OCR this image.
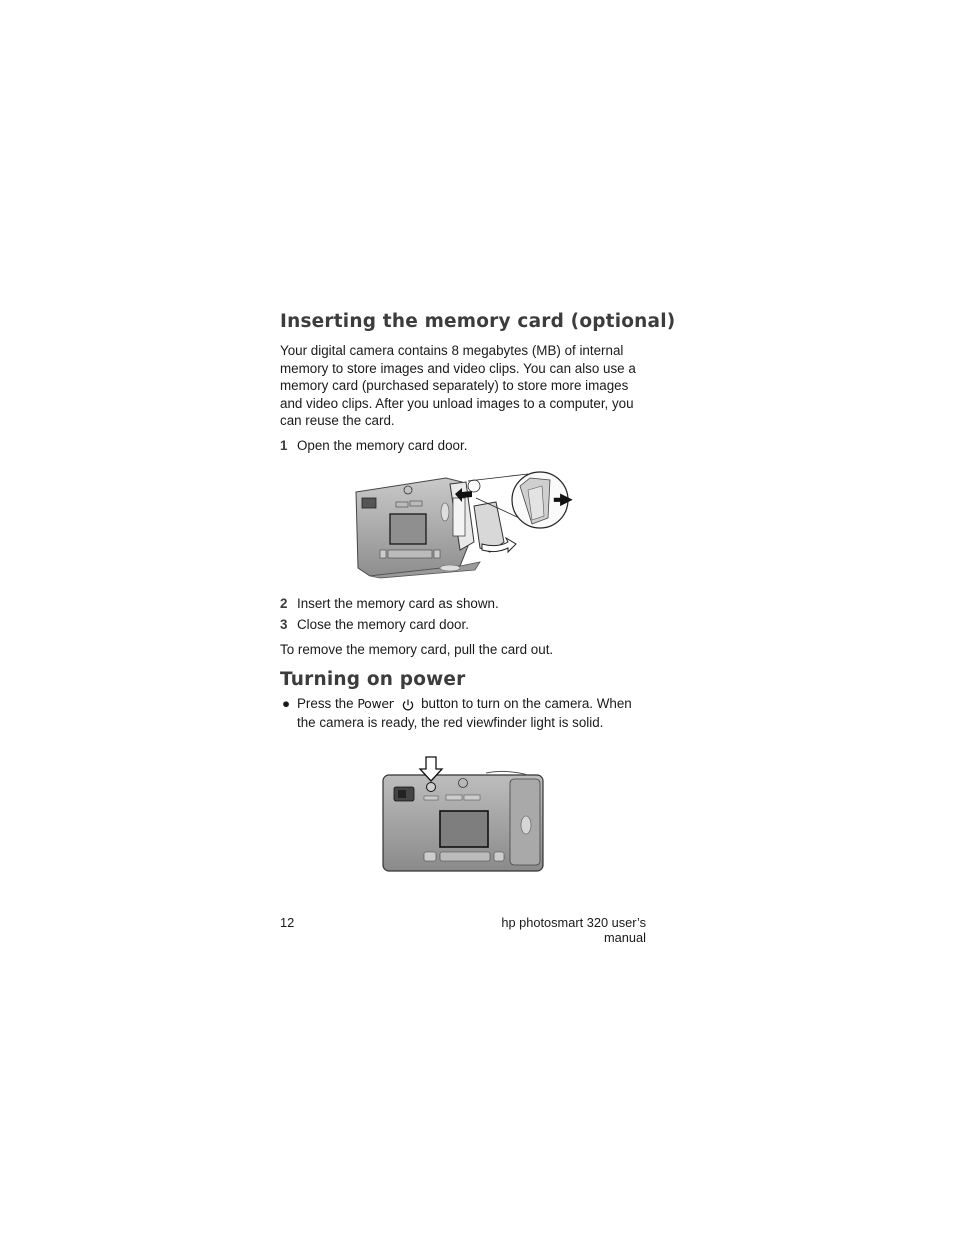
Inserting the memory card (optional)

Your digital camera contains 8 megabytes (MB) of internal memory to store images and video clips. You can also use a memory card (purchased separately) to store more images and video clips. After you unload images to a computer, you can reuse the card.

1 Open the memory card door.
2 Insert the memory card as shown.
3 Close the memory card door.

To remove the memory card, pull the card out.

Turning on power
● Press the Power button to turn on the camera. When the camera is ready, the red viewfinder light is solid.
12	hp photosmart 320 user’s manual
